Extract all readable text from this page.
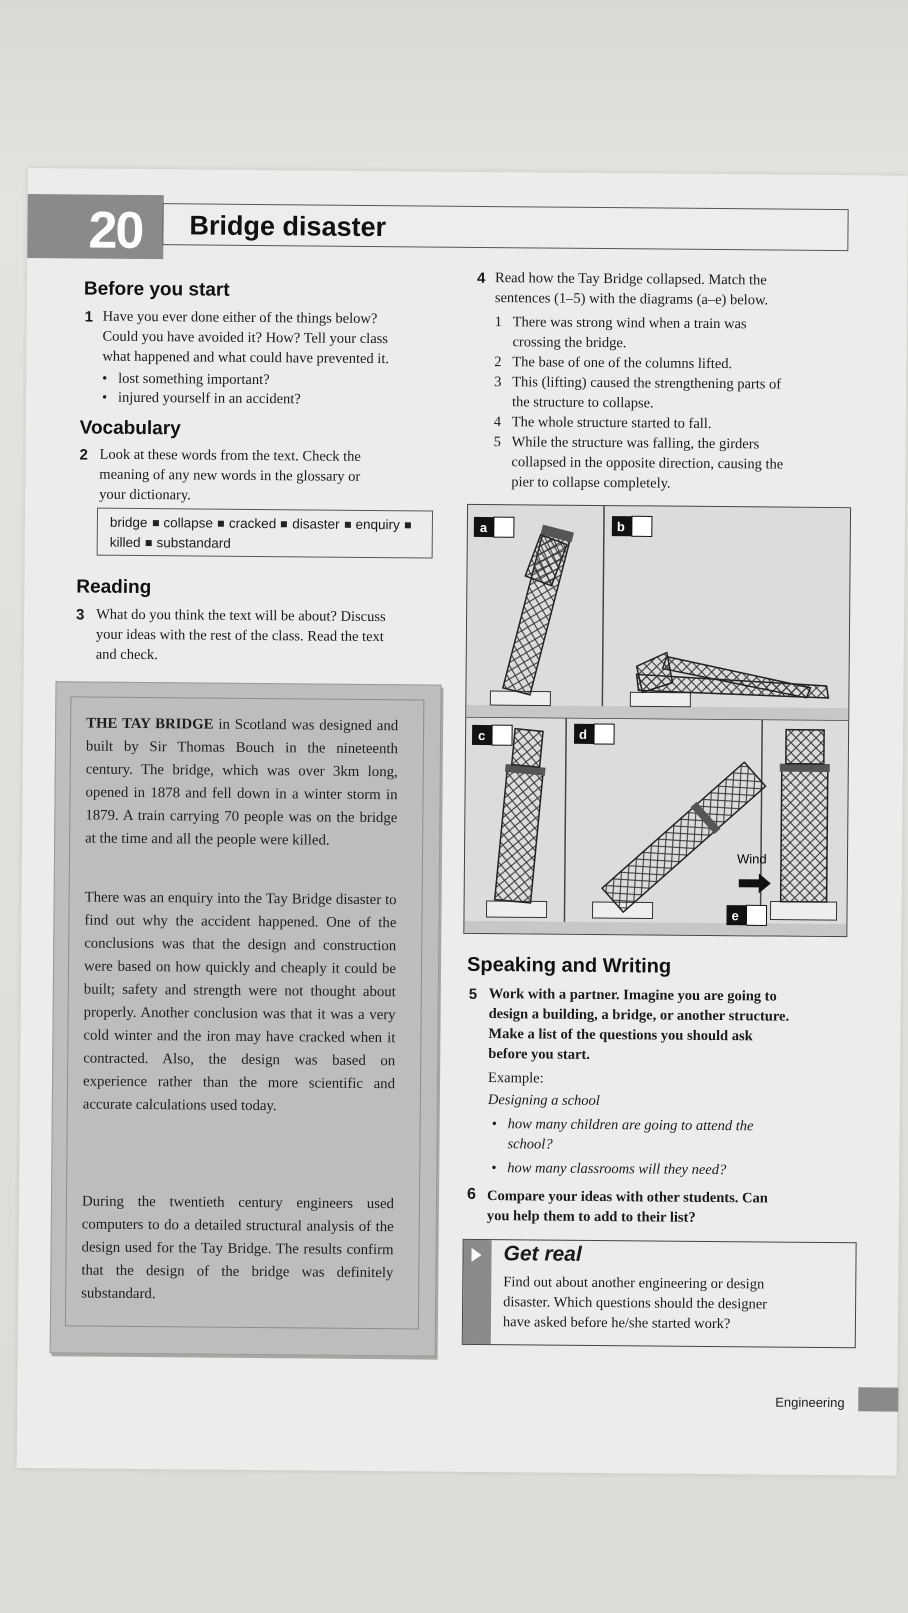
20 Bridge disaster
Before you start
1 Have you ever done either of the things below?
Could you have avoided it? How? Tell your class
what happened and what could have prevented it.
• lost something important?
• injured yourself in an accident?
Vocabulary
2 Look at these words from the text. Check the
meaning of any new words in the glossary or
your dictionary.
bridge collapse cracked disaster enquiry
killed substandard
Reading
3 What do you think the text will be about? Discuss
your ideas with the rest of the class. Read the text
and check.
THE TAY BRIDGE in Scotland was designed and built by Sir Thomas Bouch in the nineteenth century. The bridge, which was over 3km long, opened in 1878 and fell down in a winter storm in 1879. A train carrying 70 people was on the bridge at the time and all the people were killed.
There was an enquiry into the Tay Bridge disaster to find out why the accident happened. One of the conclusions was that the design and construction were based on how quickly and cheaply it could be built; safety and strength were not thought about properly. Another conclusion was that it was a very cold winter and the iron may have cracked when it contracted. Also, the design was based on experience rather than the more scientific and accurate calculations used today.
During the twentieth century engineers used computers to do a detailed structural analysis of the design used for the Tay Bridge. The results confirm that the design of the bridge was definitely substandard.
4 Read how the Tay Bridge collapsed. Match the
sentences (1–5) with the diagrams (a–e) below.
1 There was strong wind when a train was
crossing the bridge.
2 The base of one of the columns lifted.
3 This (lifting) caused the strengthening parts of
the structure to collapse.
4 The whole structure started to fall.
5 While the structure was falling, the girders
collapsed in the opposite direction, causing the
pier to collapse completely.
a	b
c	d
e
Wind
Speaking and Writing
5 Work with a partner. Imagine you are going to
design a building, a bridge, or another structure.
Make a list of the questions you should ask
before you start.
Example:
Designing a school
• how many children are going to attend the
school?
• how many classrooms will they need?
6 Compare your ideas with other students. Can
you help them to add to their list?
Get real
Find out about another engineering or design
disaster. Which questions should the designer
have asked before he/she started work?
Engineering
